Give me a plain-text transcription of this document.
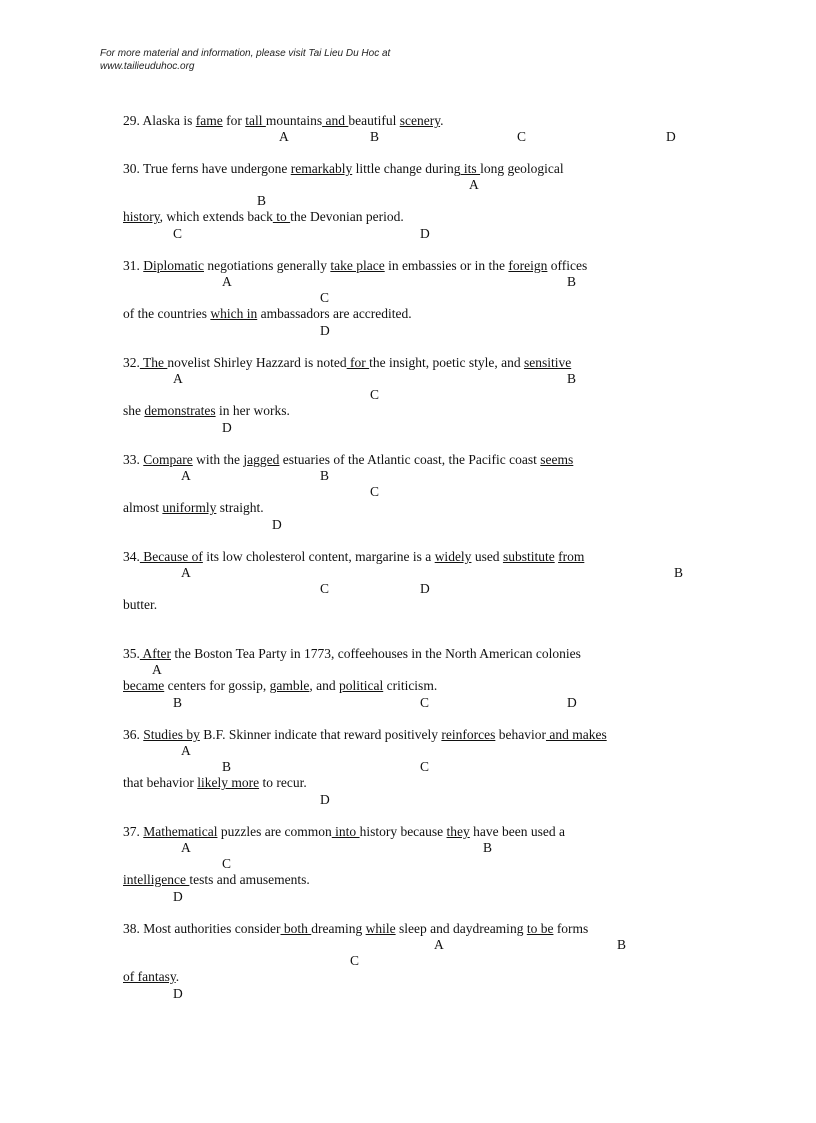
For more material and information, please visit Tai Lieu Du Hoc at
www.tailieuduhoc.org
29. Alaska is fame for tall mountains and beautiful scenery.
A	B	C	D
30. True ferns have undergone remarkably little change during its long geological
A
B
history, which extends back to the Devonian period.
C	D
31. Diplomatic negotiations generally take place in embassies or in the foreign offices
A	B
C
of the countries which in ambassadors are accredited.
D
32. The novelist Shirley Hazzard is noted for the insight, poetic style, and sensitive
A	B
C
she demonstrates in her works.
D
33. Compare with the jagged estuaries of the Atlantic coast, the Pacific coast seems
A	B
C
almost uniformly straight.
D
34. Because of its low cholesterol content, margarine is a widely used substitute from
A	B
C	D
butter.
35. After the Boston Tea Party in 1773, coffeehouses in the North American colonies
A
became centers for gossip, gamble, and political criticism.
B	C	D
36. Studies by B.F. Skinner indicate that reward positively reinforces behavior and makes
A
B	C
that behavior likely more to recur.
D
37. Mathematical puzzles are common into history because they have been used a
A	B
C
intelligence tests and amusements.
D
38. Most authorities consider both dreaming while sleep and daydreaming to be forms
A	B
C
of fantasy.
D
